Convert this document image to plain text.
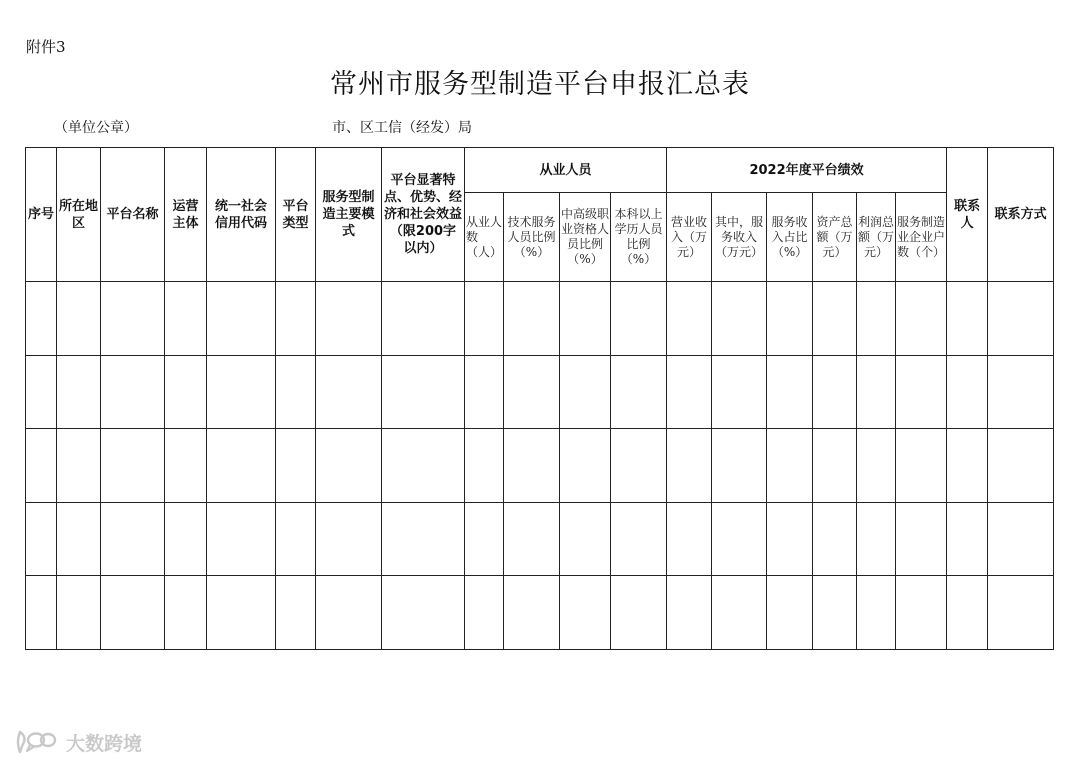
附件3
常州市服务型制造平台申报汇总表
（单位公章）	市、区工信（经发）局
序号	所在地区	平台名称	运营主体	统一社会信用代码	平台类型	服务型制造主要模式	平台显著特点、优势、经济和社会效益（限200字以内）	从业人员				2022年度平台绩效						联系人	联系方式
								从业人数（人）	技术服务人员比例（%）	中高级职业资格人员比例（%）	本科以上学历人员比例（%）	营业收入（万元）	其中，服务收入（万元）	服务收入占比（%）	资产总额（万元）	利润总额（万元）	服务制造业企业户数（个）		

大数跨境
